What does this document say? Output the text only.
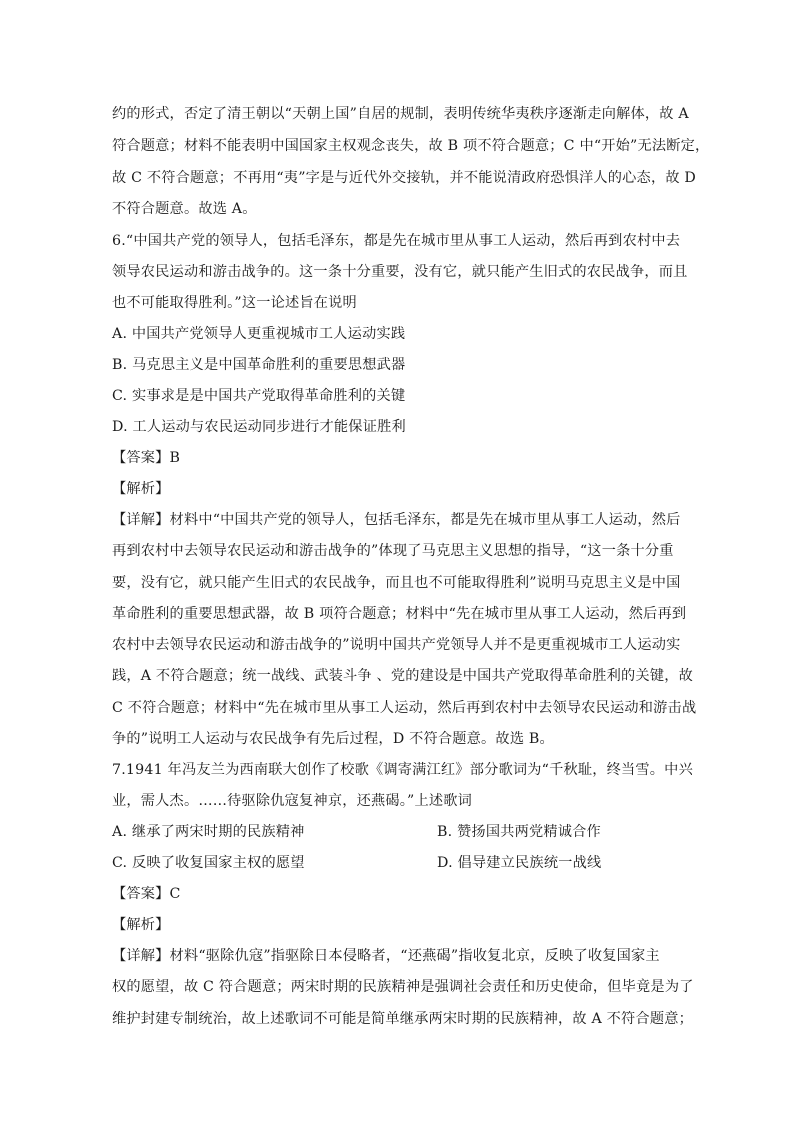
约的形式，否定了清王朝以“天朝上国”自居的规制，表明传统华夷秩序逐渐走向解体，故 A
符合题意；材料不能表明中国国家主权观念丧失，故 B 项不符合题意；C 中“开始”无法断定，
故 C 不符合题意；不再用“夷”字是与近代外交接轨，并不能说清政府恐惧洋人的心态，故 D
不符合题意。故选 A。
6.“中国共产党的领导人，包括毛泽东，都是先在城市里从事工人运动，然后再到农村中去
领导农民运动和游击战争的。这一条十分重要，没有它，就只能产生旧式的农民战争，而且
也不可能取得胜利。”这一论述旨在说明
A. 中国共产党领导人更重视城市工人运动实践
B. 马克思主义是中国革命胜利的重要思想武器
C. 实事求是是中国共产党取得革命胜利的关键
D. 工人运动与农民运动同步进行才能保证胜利
【答案】B
【解析】
【详解】材料中“中国共产党的领导人，包括毛泽东，都是先在城市里从事工人运动，然后
再到农村中去领导农民运动和游击战争的”体现了马克思主义思想的指导，“这一条十分重
要，没有它，就只能产生旧式的农民战争，而且也不可能取得胜利”说明马克思主义是中国
革命胜利的重要思想武器，故 B 项符合题意；材料中“先在城市里从事工人运动，然后再到
农村中去领导农民运动和游击战争的”说明中国共产党领导人并不是更重视城市工人运动实
践，A 不符合题意；统一战线、武装斗争 、党的建设是中国共产党取得革命胜利的关键，故
C 不符合题意；材料中“先在城市里从事工人运动，然后再到农村中去领导农民运动和游击战
争的”说明工人运动与农民战争有先后过程，D 不符合题意。故选 B。
7.1941 年冯友兰为西南联大创作了校歌《调寄满江红》部分歌词为“千秋耻，终当雪。中兴
业，需人杰。……待驱除仇寇复神京，还燕碣。”上述歌词
A. 继承了两宋时期的民族精神	B. 赞扬国共两党精诚合作
C. 反映了收复国家主权的愿望	D. 倡导建立民族统一战线
【答案】C
【解析】
【详解】材料“驱除仇寇”指驱除日本侵略者，“还燕碣”指收复北京，反映了收复国家主
权的愿望，故 C 符合题意；两宋时期的民族精神是强调社会责任和历史使命，但毕竟是为了
维护封建专制统治，故上述歌词不可能是简单继承两宋时期的民族精神，故 A 不符合题意；
